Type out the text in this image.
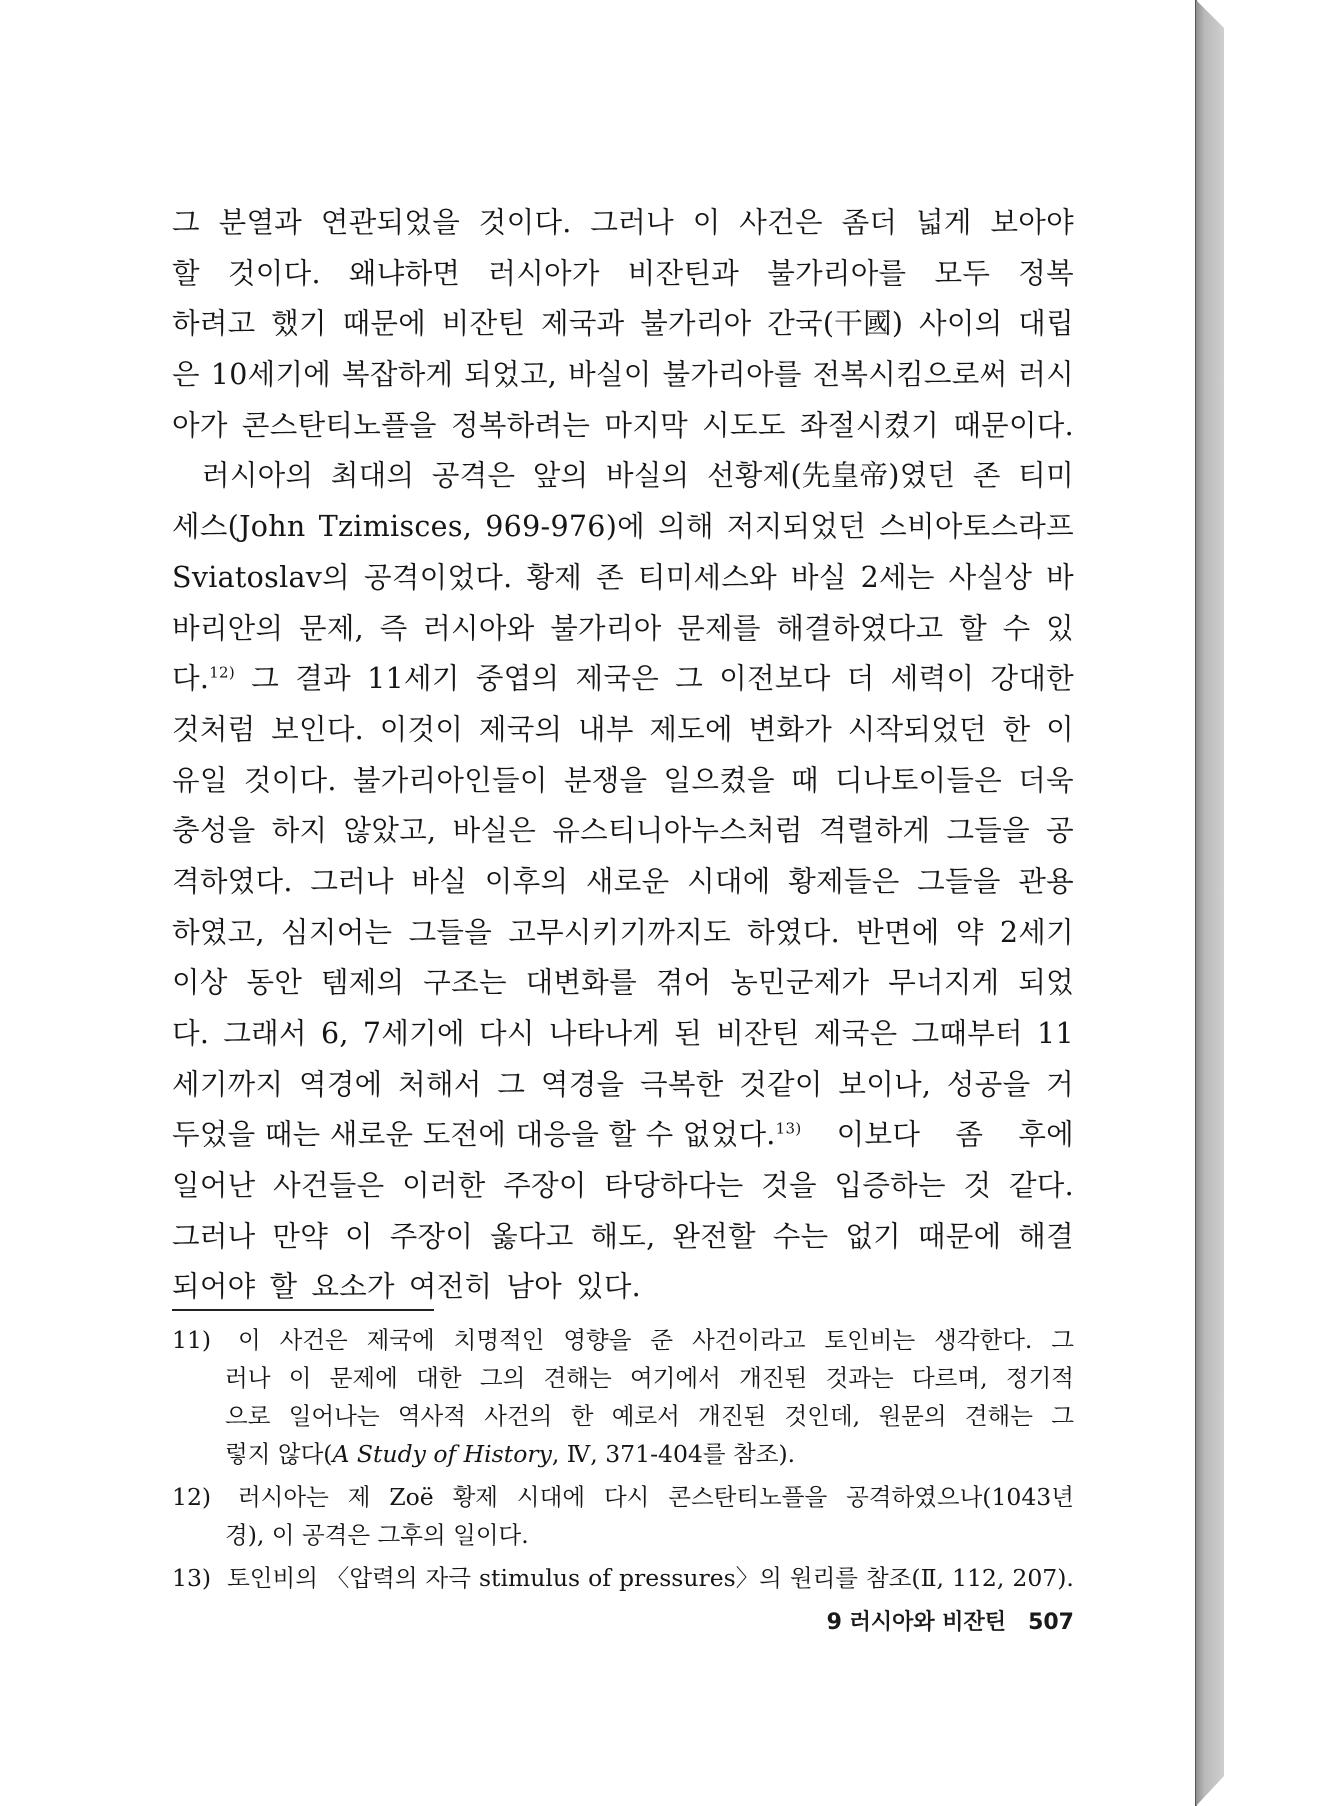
그 분열과 연관되었을 것이다. 그러나 이 사건은 좀더 넓게 보아야
할 것이다. 왜냐하면 러시아가 비잔틴과 불가리아를 모두 정복
하려고 했기 때문에 비잔틴 제국과 불가리아 간국(干國) 사이의 대립
은 10세기에 복잡하게 되었고, 바실이 불가리아를 전복시킴으로써 러시
아가 콘스탄티노플을 정복하려는 마지막 시도도 좌절시켰기 때문이다.
러시아의 최대의 공격은 앞의 바실의 선황제(先皇帝)였던 존 티미
세스(John Tzimisces, 969-976)에 의해 저지되었던 스비아토스라프
Sviatoslav의 공격이었다. 황제 존 티미세스와 바실 2세는 사실상 바
바리안의 문제, 즉 러시아와 불가리아 문제를 해결하였다고 할 수 있
다.$^{12)}$ 그 결과 11세기 중엽의 제국은 그 이전보다 더 세력이 강대한
것처럼 보인다. 이것이 제국의 내부 제도에 변화가 시작되었던 한 이
유일 것이다. 불가리아인들이 분쟁을 일으켰을 때 디나토이들은 더욱
충성을 하지 않았고, 바실은 유스티니아누스처럼 격렬하게 그들을 공
격하였다. 그러나 바실 이후의 새로운 시대에 황제들은 그들을 관용
하였고, 심지어는 그들을 고무시키기까지도 하였다. 반면에 약 2세기
이상 동안 템제의 구조는 대변화를 겪어 농민군제가 무너지게 되었
다. 그래서 6, 7세기에 다시 나타나게 된 비잔틴 제국은 그때부터 11
세기까지 역경에 처해서 그 역경을 극복한 것같이 보이나, 성공을 거
두었을 때는 새로운 도전에 대응을 할 수 없었다.$^{13)}$ 이보다 좀 후에
일어난 사건들은 이러한 주장이 타당하다는 것을 입증하는 것 같다.
그러나 만약 이 주장이 옳다고 해도, 완전할 수는 없기 때문에 해결
되어야 할 요소가 여전히 남아 있다.
11) 이 사건은 제국에 치명적인 영향을 준 사건이라고 토인비는 생각한다. 그
러나 이 문제에 대한 그의 견해는 여기에서 개진된 것과는 다르며, 정기적
으로 일어나는 역사적 사건의 한 예로서 개진된 것인데, 원문의 견해는 그
렇지 않다(A Study of History, Ⅳ, 371-404를 참조).
12) 러시아는 제 Zoë 황제 시대에 다시 콘스탄티노플을 공격하였으나(1043년
경), 이 공격은 그후의 일이다.
13) 토인비의 〈압력의 자극 stimulus of pressures〉의 원리를 참조(Ⅱ, 112, 207).
9 러시아와 비잔틴 507
